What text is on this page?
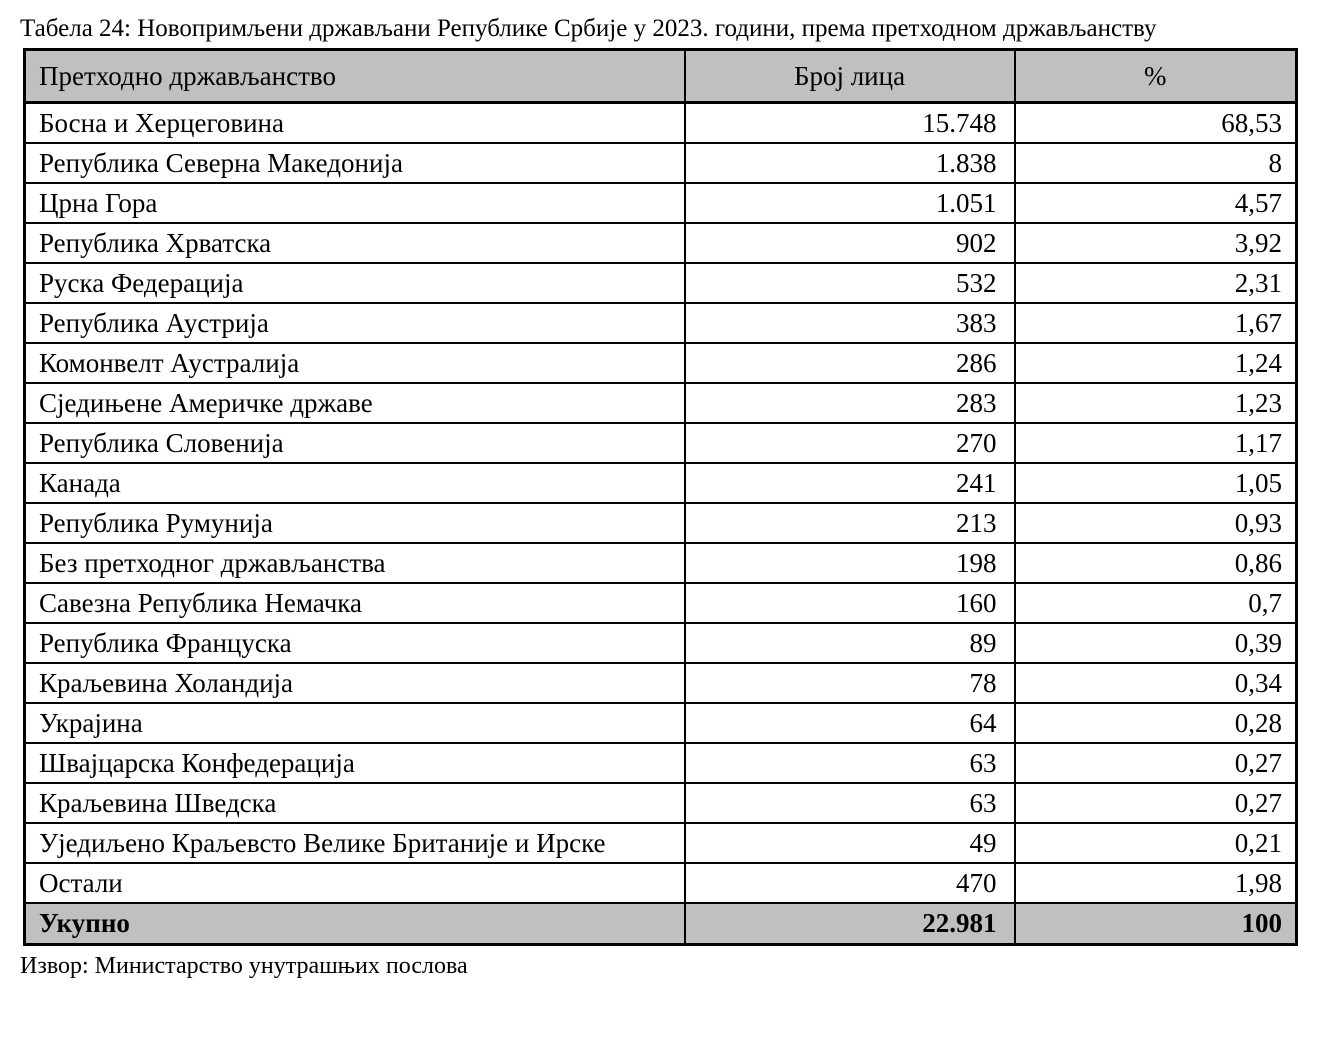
Табела 24: Новопримљени држављани Републике Србије у 2023. години, према претходном држављанству
Претходно држављанство	Број лица	%
Босна и Херцеговина	15.748	68,53
Република Северна Македонија	1.838	8
Црна Гора	1.051	4,57
Република Хрватска	902	3,92
Руска Федерација	532	2,31
Република Аустрија	383	1,67
Комонвелт Аустралија	286	1,24
Сједињене Америчке државе	283	1,23
Република Словенија	270	1,17
Канада	241	1,05
Република Румунија	213	0,93
Без претходног држављанства	198	0,86
Савезна Република Немачка	160	0,7
Република Француска	89	0,39
Краљевина Холандија	78	0,34
Украјина	64	0,28
Швајцарска Конфедерација	63	0,27
Краљевина Шведска	63	0,27
Уједиљено Краљевсто Велике Британије и Ирске	49	0,21
Остали	470	1,98
Укупно	22.981	100
Извор: Министарство унутрашњих послова
